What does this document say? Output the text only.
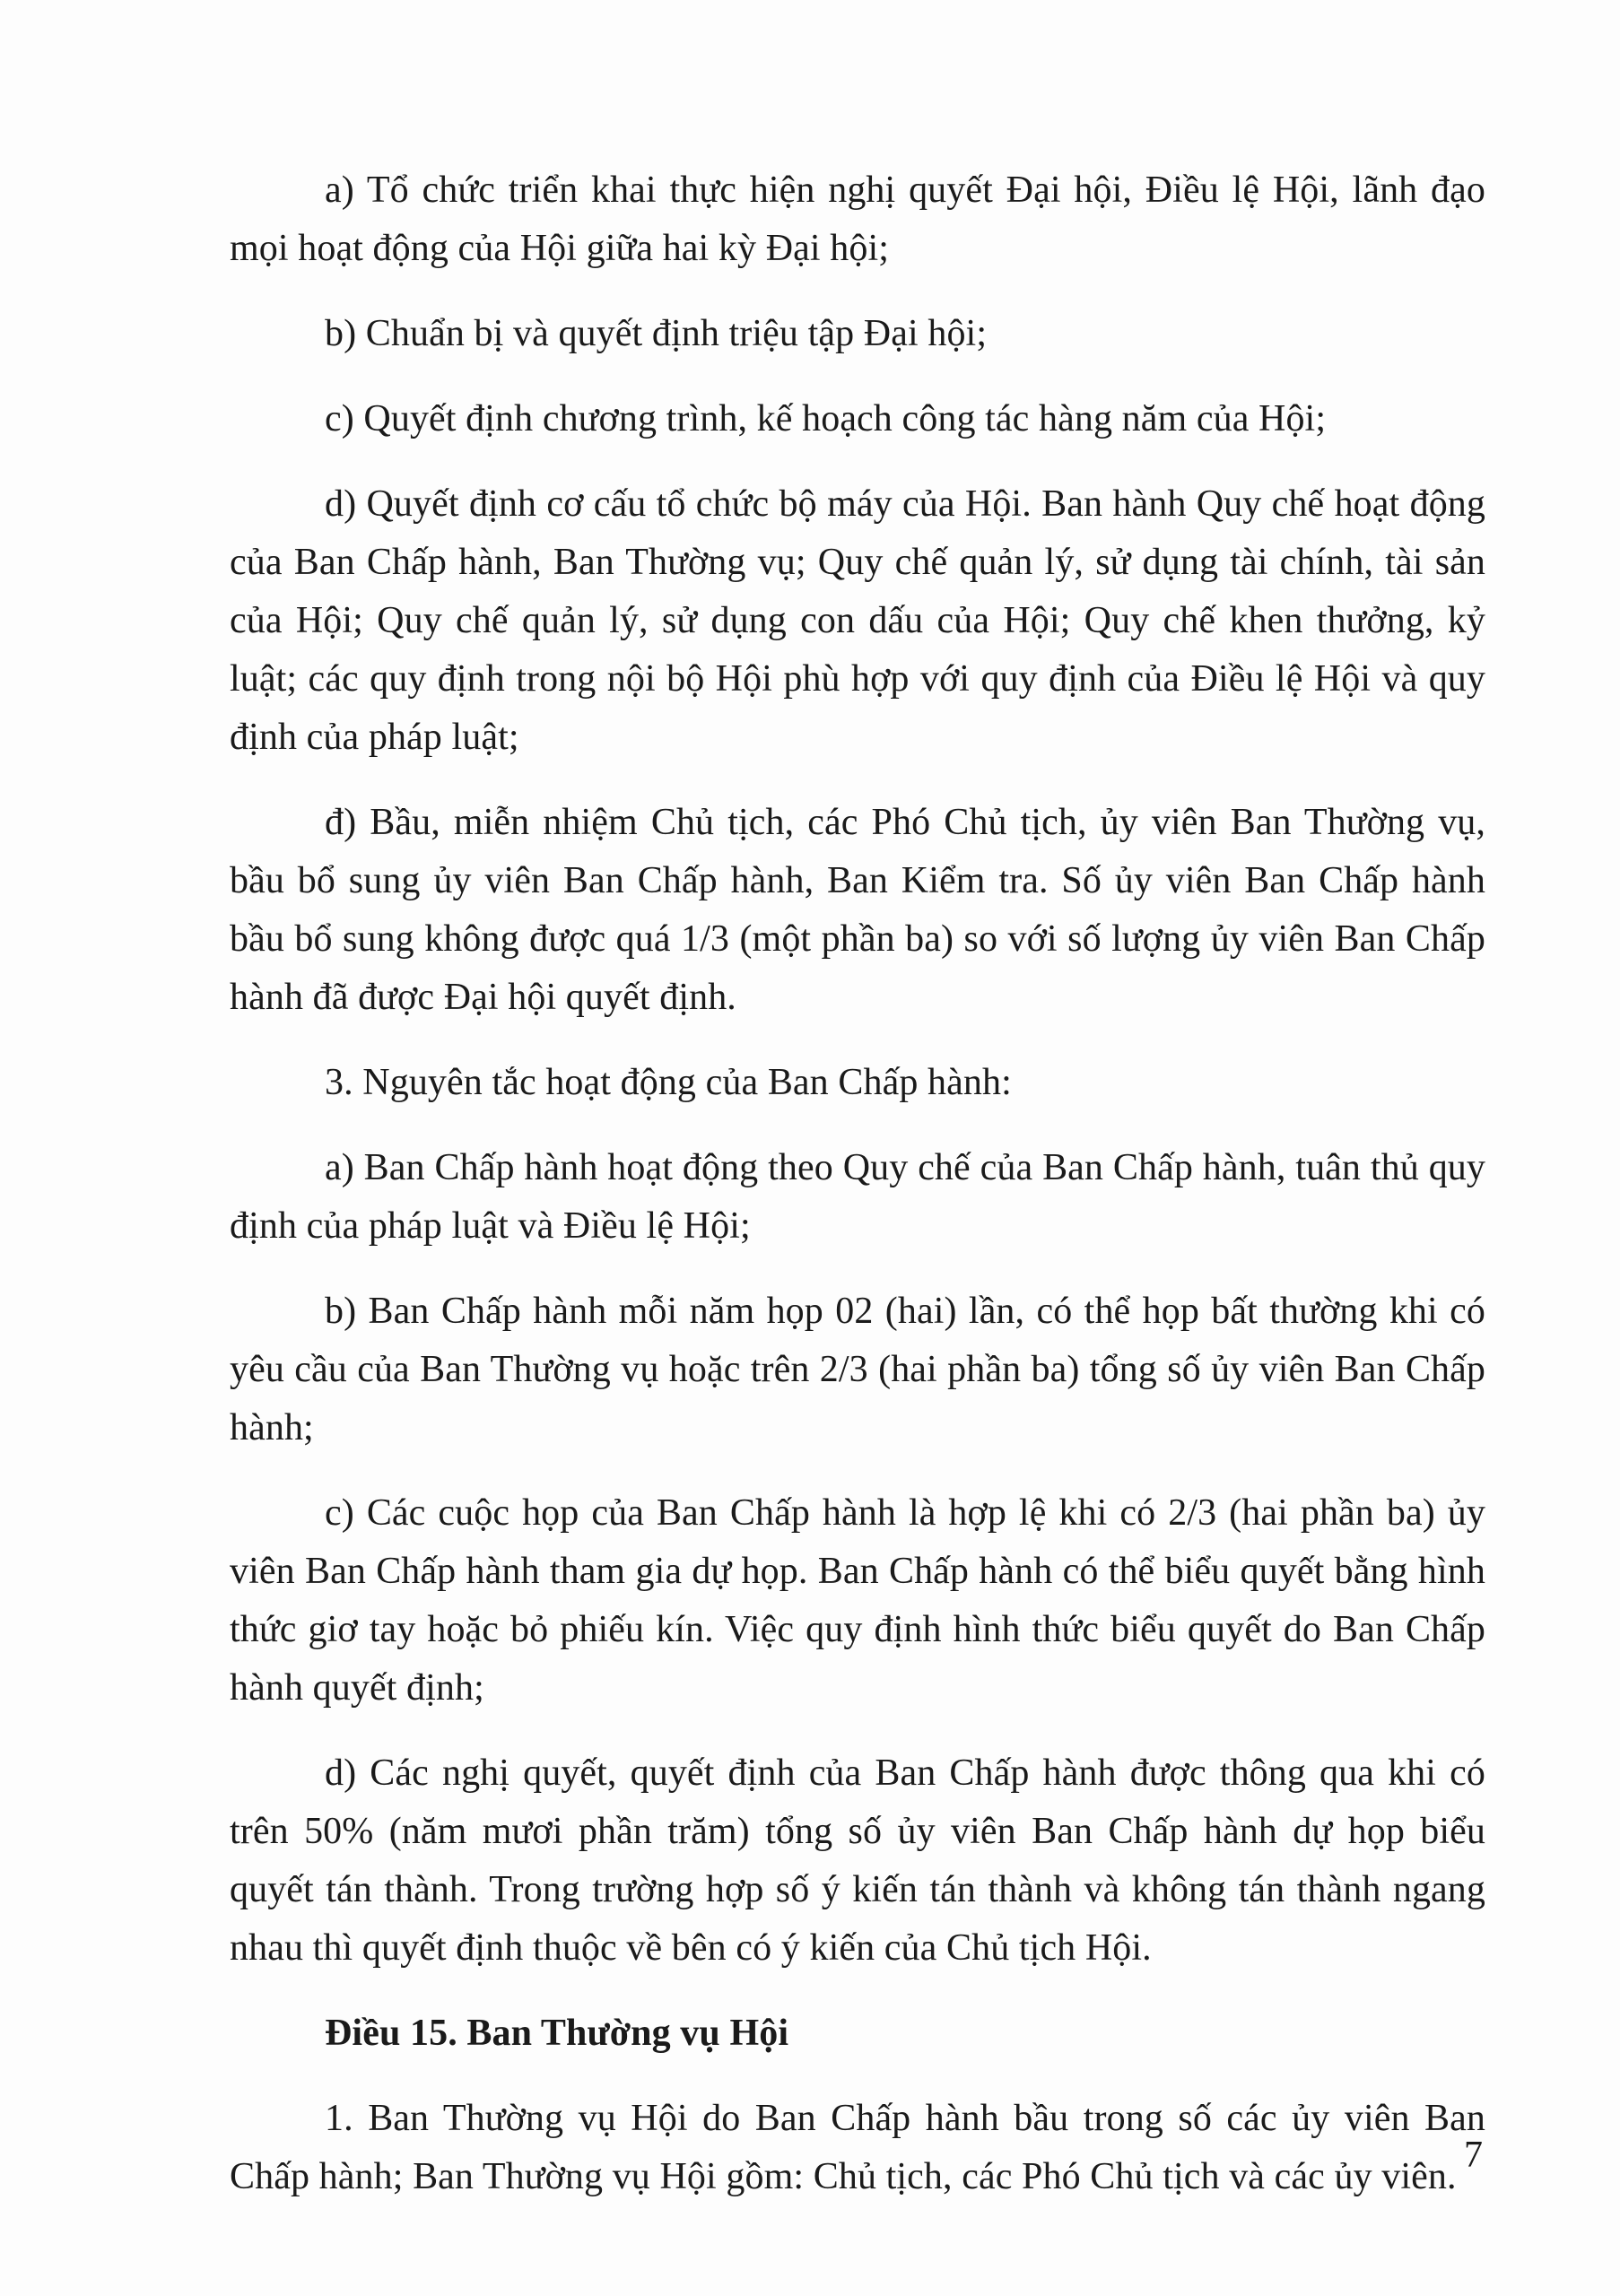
a) Tổ chức triển khai thực hiện nghị quyết Đại hội, Điều lệ Hội, lãnh đạo mọi hoạt động của Hội giữa hai kỳ Đại hội;

b) Chuẩn bị và quyết định triệu tập Đại hội;

c) Quyết định chương trình, kế hoạch công tác hàng năm của Hội;

d) Quyết định cơ cấu tổ chức bộ máy của Hội. Ban hành Quy chế hoạt động của Ban Chấp hành, Ban Thường vụ; Quy chế quản lý, sử dụng tài chính, tài sản của Hội; Quy chế quản lý, sử dụng con dấu của Hội; Quy chế khen thưởng, kỷ luật; các quy định trong nội bộ Hội phù hợp với quy định của Điều lệ Hội và quy định của pháp luật;

đ) Bầu, miễn nhiệm Chủ tịch, các Phó Chủ tịch, ủy viên Ban Thường vụ, bầu bổ sung ủy viên Ban Chấp hành, Ban Kiểm tra. Số ủy viên Ban Chấp hành bầu bổ sung không được quá 1/3 (một phần ba) so với số lượng ủy viên Ban Chấp hành đã được Đại hội quyết định.

3. Nguyên tắc hoạt động của Ban Chấp hành:

a) Ban Chấp hành hoạt động theo Quy chế của Ban Chấp hành, tuân thủ quy định của pháp luật và Điều lệ Hội;

b) Ban Chấp hành mỗi năm họp 02 (hai) lần, có thể họp bất thường khi có yêu cầu của Ban Thường vụ hoặc trên 2/3 (hai phần ba) tổng số ủy viên Ban Chấp hành;

c) Các cuộc họp của Ban Chấp hành là hợp lệ khi có 2/3 (hai phần ba) ủy viên Ban Chấp hành tham gia dự họp. Ban Chấp hành có thể biểu quyết bằng hình thức giơ tay hoặc bỏ phiếu kín. Việc quy định hình thức biểu quyết do Ban Chấp hành quyết định;

d) Các nghị quyết, quyết định của Ban Chấp hành được thông qua khi có trên 50% (năm mươi phần trăm) tổng số ủy viên Ban Chấp hành dự họp biểu quyết tán thành. Trong trường hợp số ý kiến tán thành và không tán thành ngang nhau thì quyết định thuộc về bên có ý kiến của Chủ tịch Hội.

Điều 15. Ban Thường vụ Hội

1. Ban Thường vụ Hội do Ban Chấp hành bầu trong số các ủy viên Ban Chấp hành; Ban Thường vụ Hội gồm: Chủ tịch, các Phó Chủ tịch và các ủy viên.

7
